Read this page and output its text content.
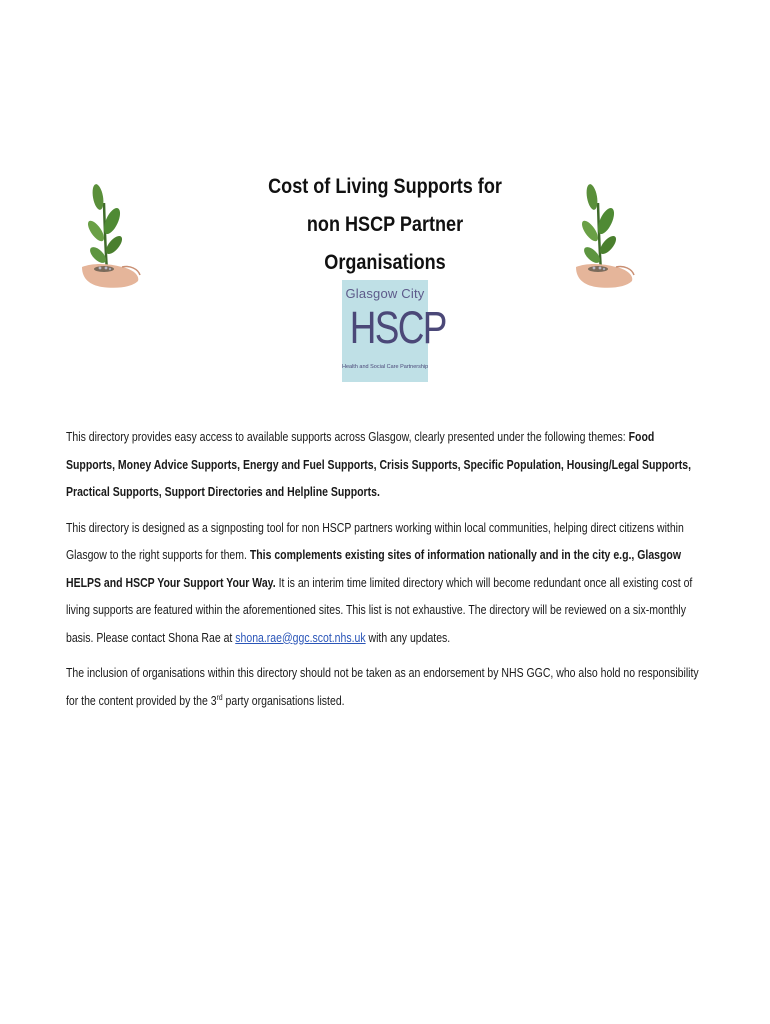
Cost of Living Supports for
non HSCP Partner
Organisations
Glasgow City
HSCP
Health and Social Care Partnership

This directory provides easy access to available supports across Glasgow, clearly presented under the following themes: Food Supports, Money Advice Supports, Energy and Fuel Supports, Crisis Supports, Specific Population, Housing/Legal Supports, Practical Supports, Support Directories and Helpline Supports.

This directory is designed as a signposting tool for non HSCP partners working within local communities, helping direct citizens within Glasgow to the right supports for them. This complements existing sites of information nationally and in the city e.g., Glasgow HELPS and HSCP Your Support Your Way. It is an interim time limited directory which will become redundant once all existing cost of living supports are featured within the aforementioned sites. This list is not exhaustive. The directory will be reviewed on a six-monthly basis. Please contact Shona Rae at shona.rae@ggc.scot.nhs.uk with any updates.

The inclusion of organisations within this directory should not be taken as an endorsement by NHS GGC, who also hold no responsibility for the content provided by the 3rd party organisations listed.
